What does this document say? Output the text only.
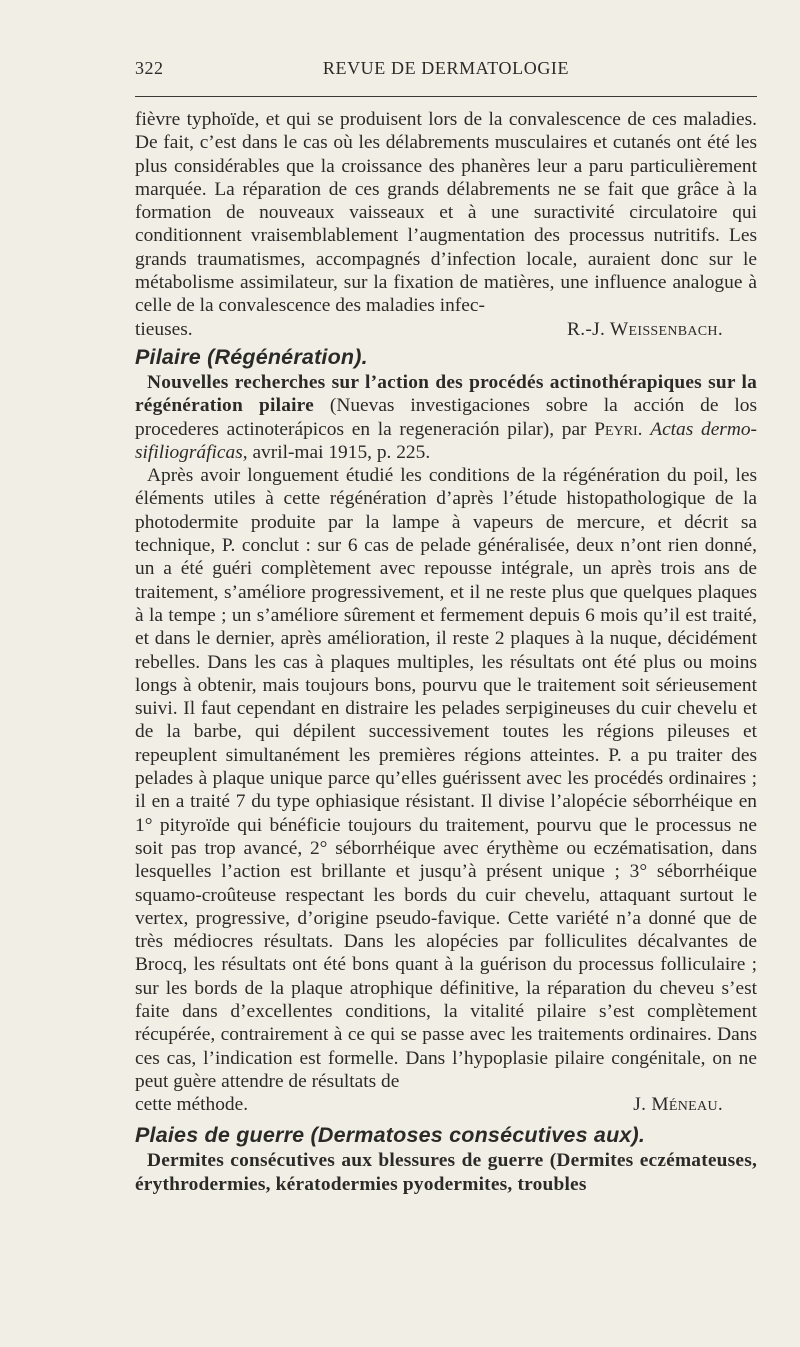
322	REVUE DE DERMATOLOGIE

fièvre typhoïde, et qui se produisent lors de la convalescence de ces maladies. De fait, c’est dans le cas où les délabrements musculaires et cutanés ont été les plus considérables que la croissance des phanères leur a paru particulièrement marquée. La réparation de ces grands délabrements ne se fait que grâce à la formation de nouveaux vaisseaux et à une suractivité circulatoire qui conditionnent vraisemblablement l’augmentation des processus nutritifs. Les grands traumatismes, accompagnés d’infection locale, auraient donc sur le métabolisme assimilateur, sur la fixation de matières, une influence analogue à celle de la convalescence des maladies infec-

tieuses.	R.-J. Weissenbach.
Pilaire (Régénération).

Nouvelles recherches sur l’action des procédés actinothérapiques sur la régénération pilaire (Nuevas investigaciones sobre la acción de los procederes actinoterápicos en la regeneración pilar), par Peyri. Actas dermo-sifiliográficas, avril-mai 1915, p. 225.

Après avoir longuement étudié les conditions de la régénération du poil, les éléments utiles à cette régénération d’après l’étude histopathologique de la photodermite produite par la lampe à vapeurs de mercure, et décrit sa technique, P. conclut : sur 6 cas de pelade généralisée, deux n’ont rien donné, un a été guéri complètement avec repousse intégrale, un après trois ans de traitement, s’améliore progressivement, et il ne reste plus que quelques plaques à la tempe ; un s’améliore sûrement et fermement depuis 6 mois qu’il est traité, et dans le dernier, après amélioration, il reste 2 plaques à la nuque, décidément rebelles. Dans les cas à plaques multiples, les résultats ont été plus ou moins longs à obtenir, mais toujours bons, pourvu que le traitement soit sérieusement suivi. Il faut cependant en distraire les pelades serpigineuses du cuir chevelu et de la barbe, qui dépilent successivement toutes les régions pileuses et repeuplent simultanément les premières régions atteintes. P. a pu traiter des pelades à plaque unique parce qu’elles guérissent avec les procédés ordinaires ; il en a traité 7 du type ophiasique résistant. Il divise l’alopécie séborrhéique en 1° pityroïde qui bénéficie toujours du traitement, pourvu que le processus ne soit pas trop avancé, 2° séborrhéique avec érythème ou eczématisation, dans lesquelles l’action est brillante et jusqu’à présent unique ; 3° séborrhéique squamo-croûteuse respectant les bords du cuir chevelu, attaquant surtout le vertex, progressive, d’origine pseudo-favique. Cette variété n’a donné que de très médiocres résultats. Dans les alopécies par folliculites décalvantes de Brocq, les résultats ont été bons quant à la guérison du processus folliculaire ; sur les bords de la plaque atrophique définitive, la réparation du cheveu s’est faite dans d’excellentes conditions, la vitalité pilaire s’est complètement récupérée, contrairement à ce qui se passe avec les traitements ordinaires. Dans ces cas, l’indication est formelle. Dans l’hypoplasie pilaire congénitale, on ne peut guère attendre de résultats de

cette méthode.	J. Méneau.
Plaies de guerre (Dermatoses consécutives aux).

Dermites consécutives aux blessures de guerre (Dermites eczémateuses, érythrodermies, kératodermies pyodermites, troubles
